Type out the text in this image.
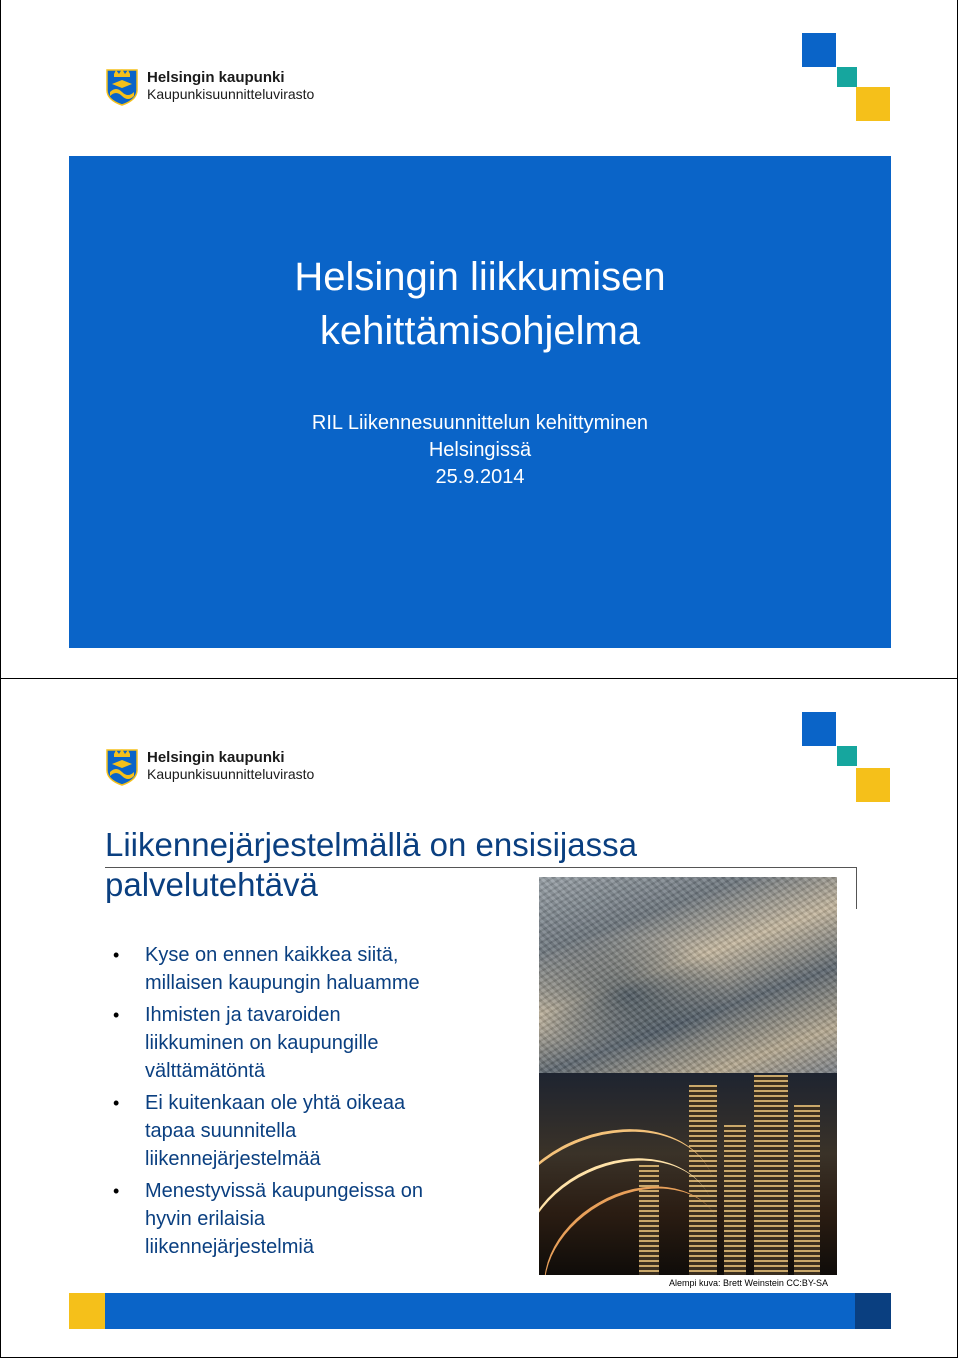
Helsingin kaupunki
Kaupunkisuunnitteluvirasto
Helsingin liikkumisen
kehittämisohjelma
RIL Liikennesuunnittelun kehittyminen
Helsingissä
25.9.2014
Helsingin kaupunki
Kaupunkisuunnitteluvirasto
Liikennejärjestelmällä on ensisijassa
palvelutehtävä
• Kyse on ennen kaikkea siitä,
millaisen kaupungin haluamme
• Ihmisten ja tavaroiden
liikkuminen on kaupungille
välttämätöntä
• Ei kuitenkaan ole yhtä oikeaa
tapaa suunnitella
liikennejärjestelmää
• Menestyvissä kaupungeissa on
hyvin erilaisia
liikennejärjestelmiä
Alempi kuva: Brett Weinstein CC:BY-SA
